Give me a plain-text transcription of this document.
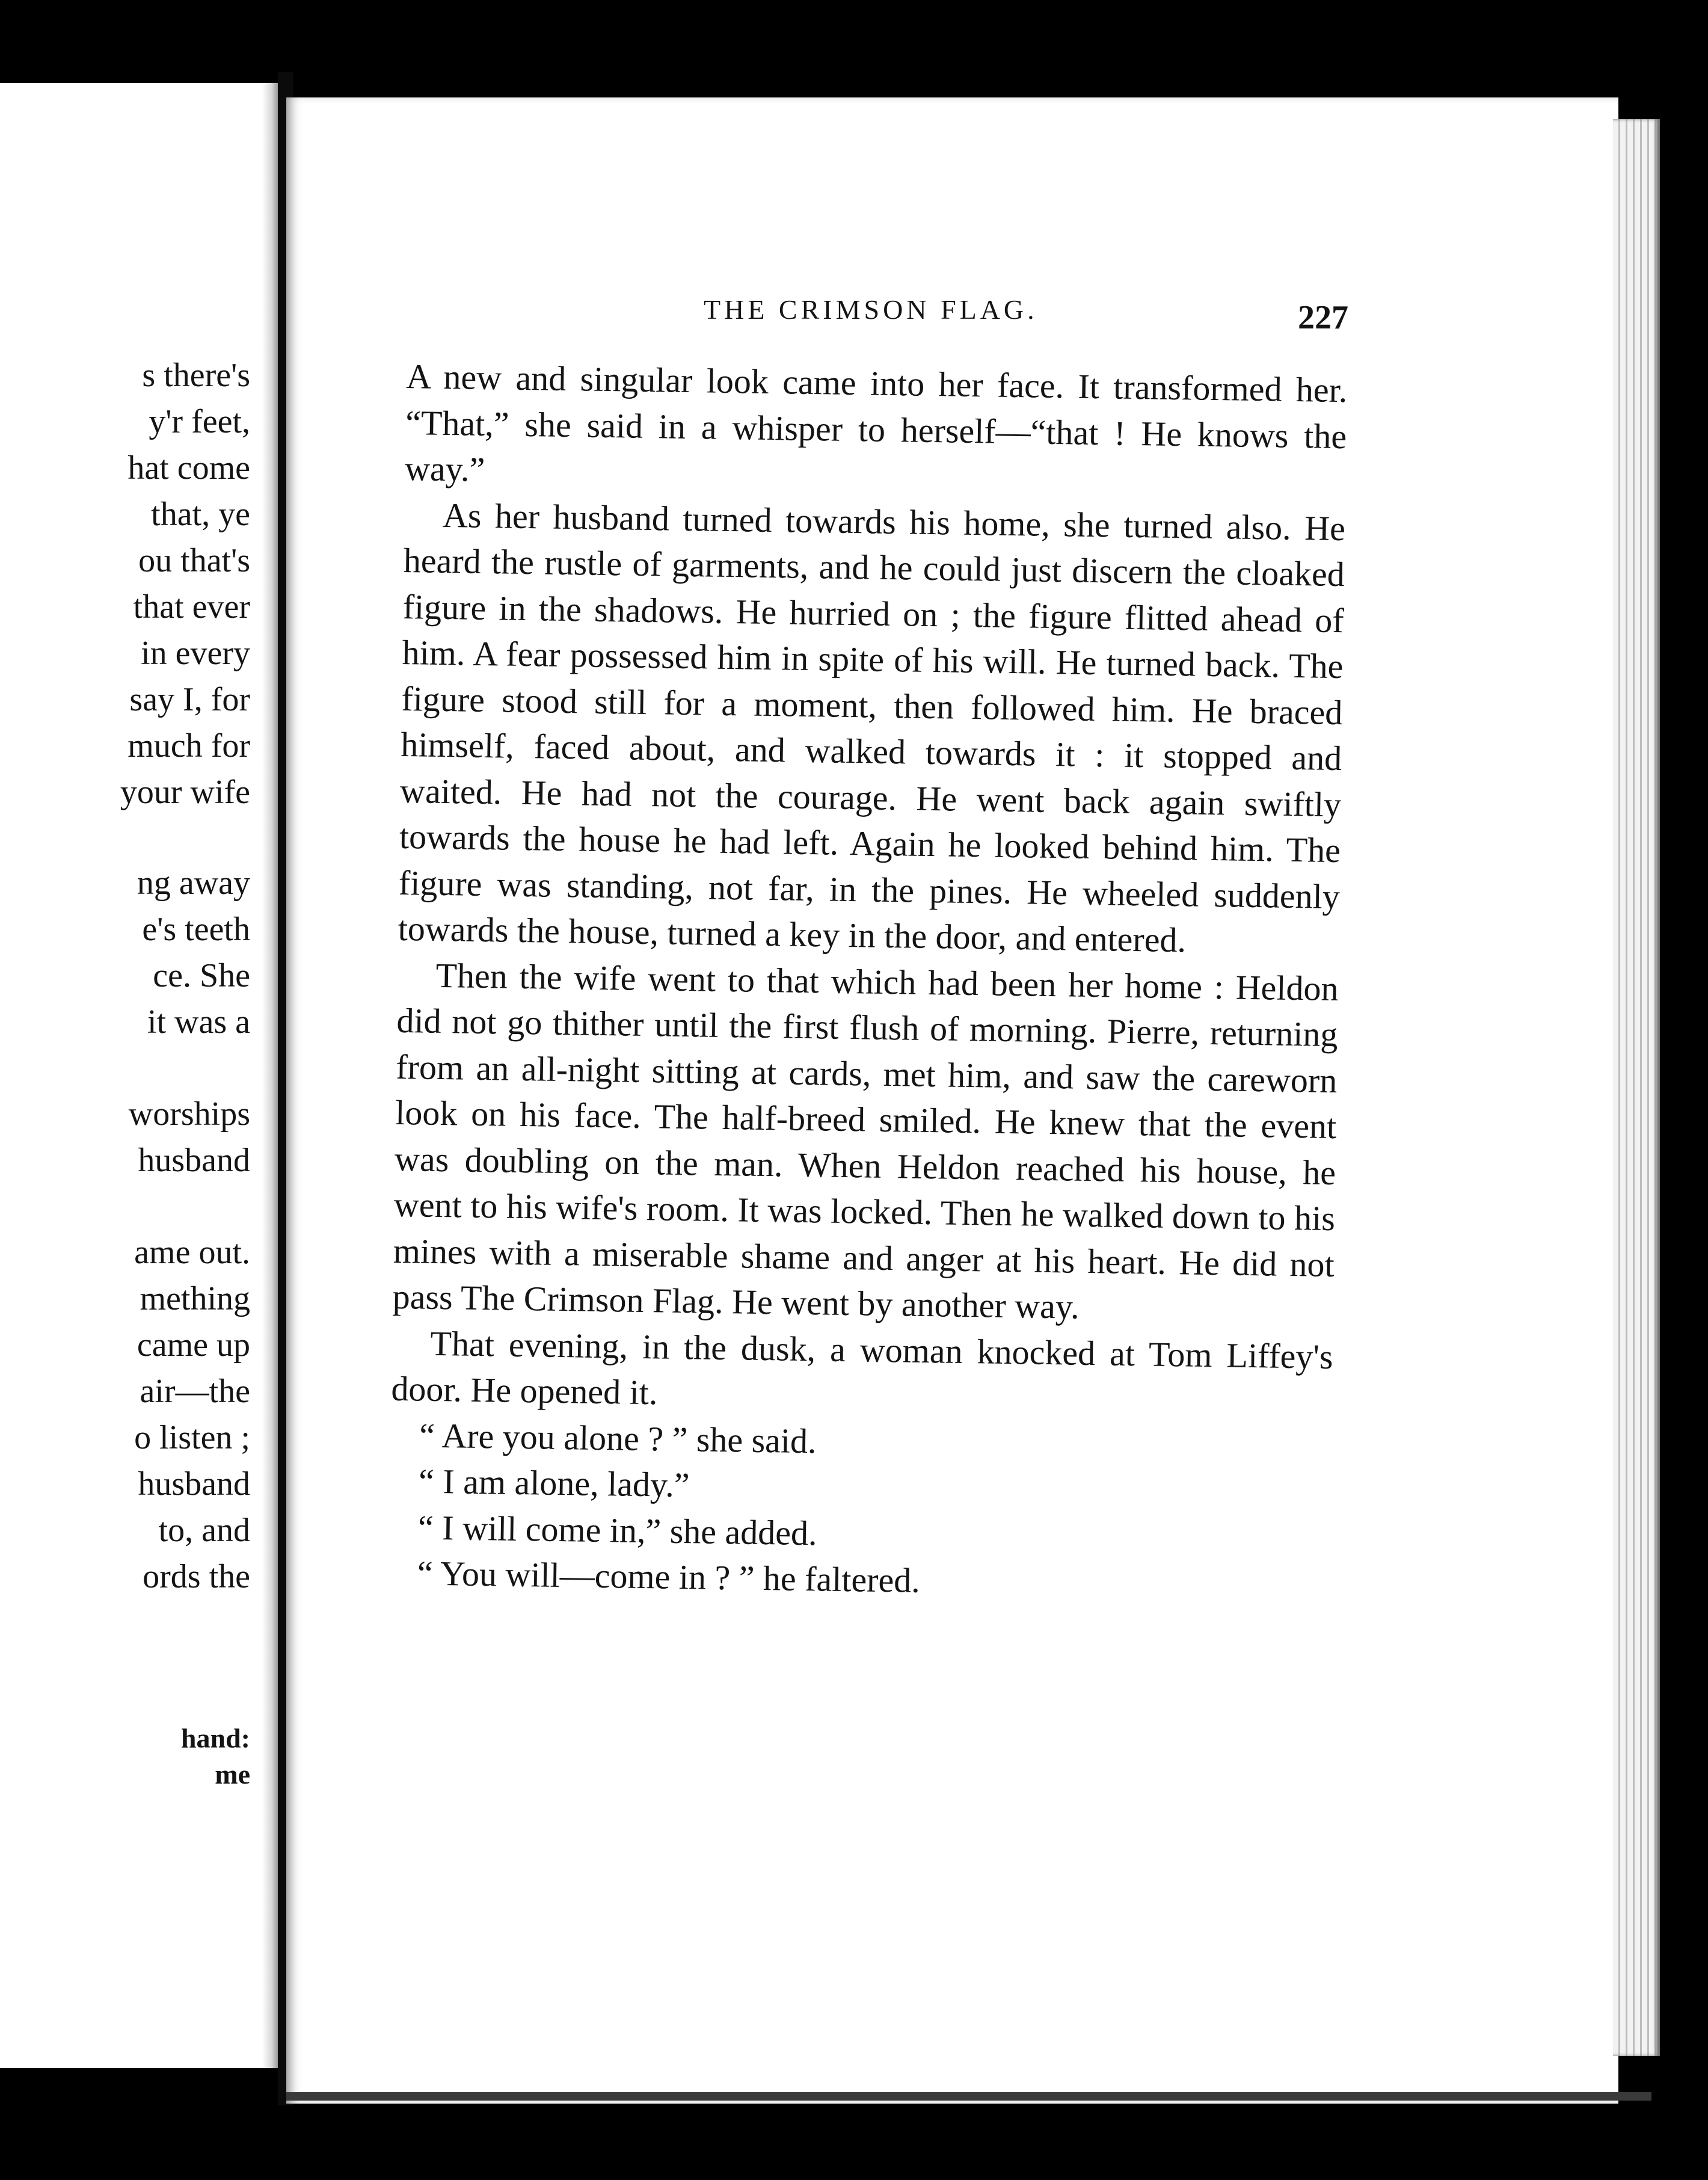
s there's
y'r feet,
hat come
that, ye
ou that's
that ever
in every
say I, for
much for
your wife
ng away
e's teeth
ce. She
it was a
worships
husband
ame out.
mething
came up
air—the
o listen ;
husband
to, and
ords the
hand:
me
THE CRIMSON FLAG.	227

A new and singular look came into her face. It transformed her. “That,” she said in a whisper to herself—“that ! He knows the way.”

As her husband turned towards his home, she turned also. He heard the rustle of garments, and he could just discern the cloaked figure in the shadows. He hurried on ; the figure flitted ahead of him. A fear possessed him in spite of his will. He turned back. The figure stood still for a moment, then followed him. He braced himself, faced about, and walked towards it : it stopped and waited. He had not the courage. He went back again swiftly towards the house he had left. Again he looked behind him. The figure was standing, not far, in the pines. He wheeled suddenly towards the house, turned a key in the door, and entered.

Then the wife went to that which had been her home : Heldon did not go thither until the first flush of morning. Pierre, returning from an all-night sitting at cards, met him, and saw the careworn look on his face. The half-breed smiled. He knew that the event was doubling on the man. When Heldon reached his house, he went to his wife's room. It was locked. Then he walked down to his mines with a miserable shame and anger at his heart. He did not pass The Crimson Flag. He went by another way.

That evening, in the dusk, a woman knocked at Tom Liffey's door. He opened it.

“ Are you alone ? ” she said.

“ I am alone, lady.”

“ I will come in,” she added.

“ You will—come in ? ” he faltered.
